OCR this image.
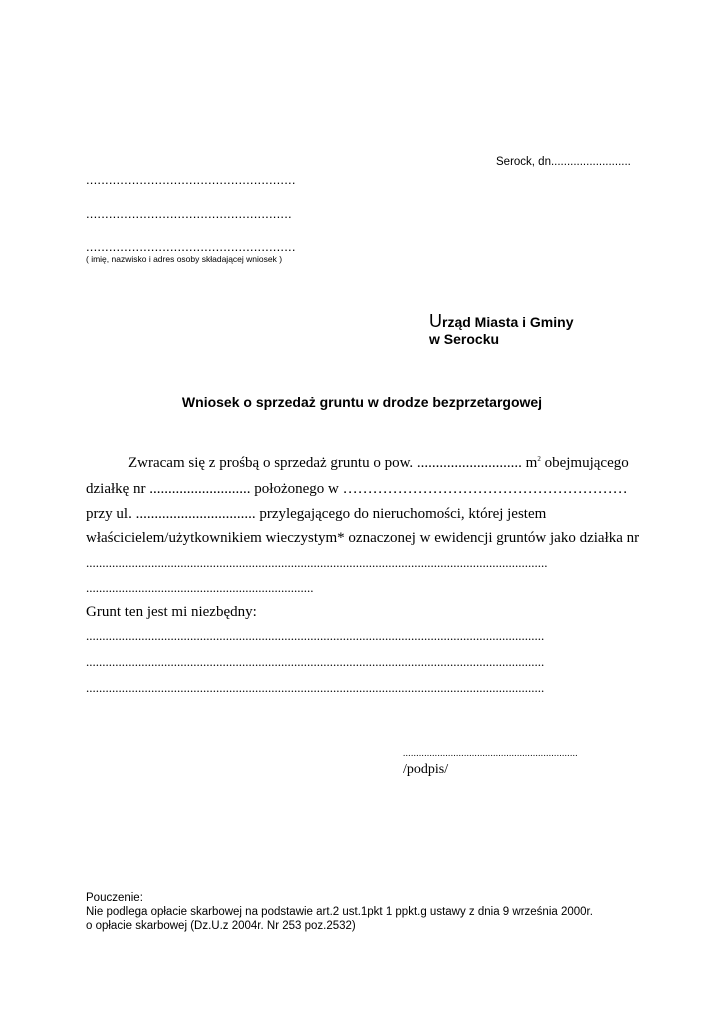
Serock, dn.........................
.......................................................
......................................................
.......................................................
( imię, nazwisko i adres osoby składającej wniosek )
Urząd Miasta i Gminy
w Serocku
Wniosek o sprzedaż gruntu w drodze bezprzetargowej
Zwracam się z prośbą o sprzedaż gruntu o pow. ............................ $m^2$ obejmującego
działkę nr ........................... położonego w …………………………………………………
przy ul. ................................ przylegającego do nieruchomości, której jestem
właścicielem/użytkownikiem wieczystym* oznaczonej w ewidencji gruntów jako działka nr
..............................................................................................................................................
......................................................................
Grunt ten jest mi niezbędny:
.............................................................................................................................................
.............................................................................................................................................
.............................................................................................................................................
..................................................................
/podpis/
Pouczenie:
Nie podlega opłacie skarbowej na podstawie art.2 ust.1pkt 1 ppkt.g ustawy z dnia 9 września 2000r.
o opłacie skarbowej (Dz.U.z 2004r. Nr 253 poz.2532)
